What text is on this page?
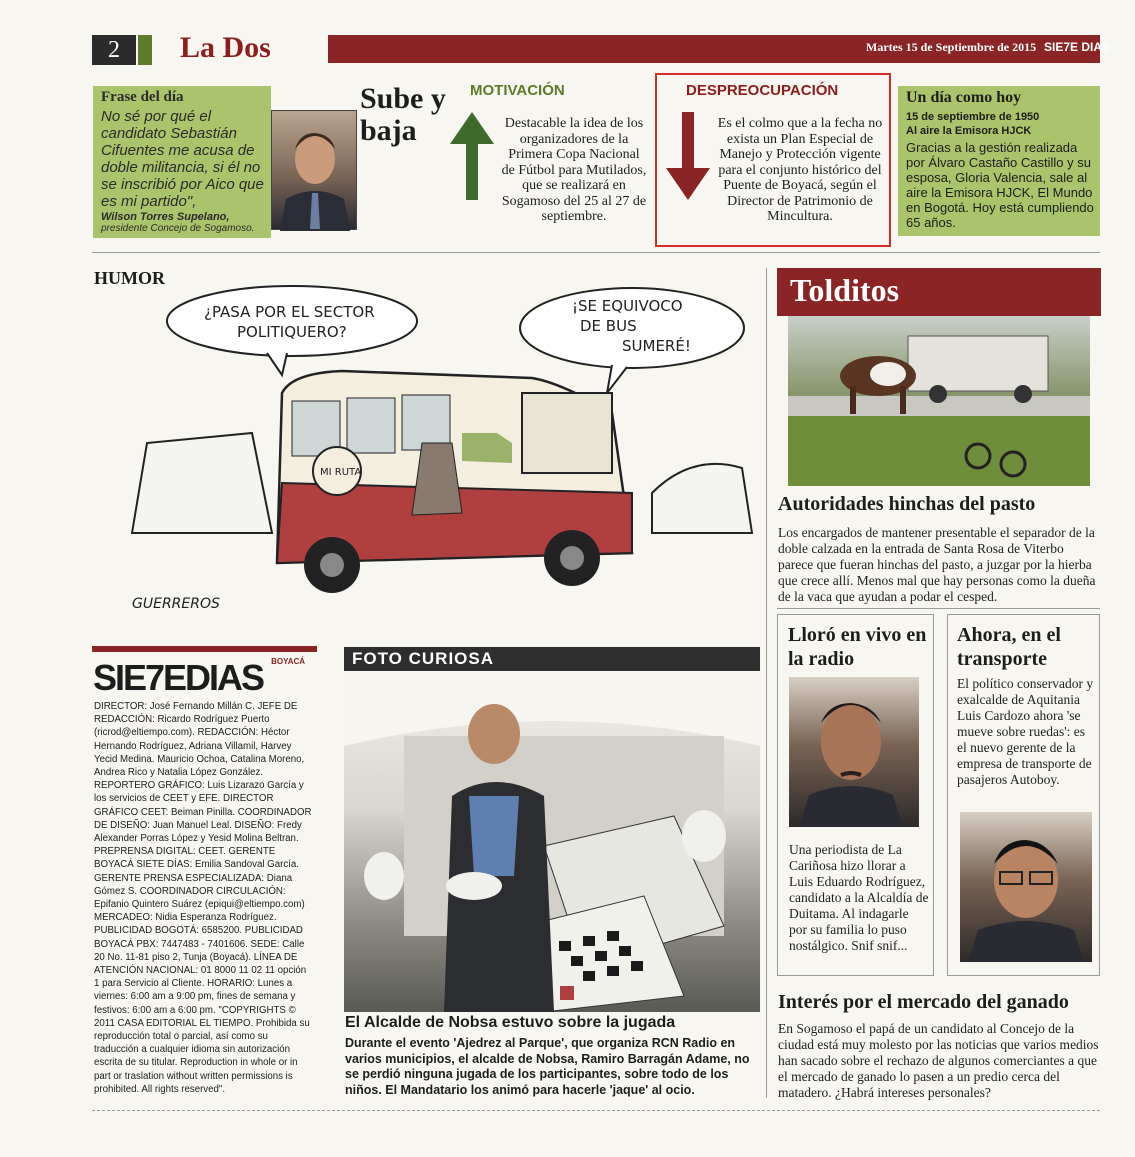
2	La Dos	Martes 15 de Septiembre de 2015 SIE7E DIAS
Frase del día
No sé por qué el candidato Sebastián Cifuentes me acusa de doble militancia, si él no se inscribió por Aico que es mi partido",
Wilson Torres Supelano,
presidente Concejo de Sogamoso.
Sube y baja
MOTIVACIÓN
Destacable la idea de los organizadores de la Primera Copa Nacional de Fútbol para Mutilados, que se realizará en Sogamoso del 25 al 27 de septiembre.
DESPREOCUPACIÓN
Es el colmo que a la fecha no exista un Plan Especial de Manejo y Protección vigente para el conjunto histórico del Puente de Boyacá, según el Director de Patrimonio de Mincultura.
Un día como hoy
15 de septiembre de 1950
Al aire la Emisora HJCK
Gracias a la gestión realizada por Álvaro Castaño Castillo y su esposa, Gloria Valencia, sale al aire la Emisora HJCK, El Mundo en Bogotá. Hoy está cumpliendo 65 años.
HUMOR
¿PASA POR EL SECTOR
POLITIQUERO?
¡SE EQUIVOCO
DE BUS
SUMERÉ!
MI RUTA
GUERREROS
Tolditos
Autoridades hinchas del pasto
Los encargados de mantener presentable el separador de la doble calzada en la entrada de Santa Rosa de Viterbo parece que fueran hinchas del pasto, a juzgar por la hierba que crece allí. Menos mal que hay personas como la dueña de la vaca que ayudan a podar el cesped.
Lloró en vivo en la radio
Una periodista de La Cariñosa hizo llorar a Luis Eduardo Rodríguez, candidato a la Alcaldía de Duitama. Al indagarle por su familia lo puso nostálgico. Snif snif...
Ahora, en el transporte
El político conservador y exalcalde de Aquitania Luis Cardozo ahora 'se mueve sobre ruedas': es el nuevo gerente de la empresa de transporte de pasajeros Autoboy.
Interés por el mercado del ganado
En Sogamoso el papá de un candidato al Concejo de la ciudad está muy molesto por las noticias que varios medios han sacado sobre el rechazo de algunos comerciantes a que el mercado de ganado lo pasen a un predio cerca del matadero. ¿Habrá intereses personales?
SIE7EDIAS $^{BOYACÁ}$
DIRECTOR: José Fernando Millán C. JEFE DE REDACCIÓN: Ricardo Rodríguez Puerto (ricrod@eltiempo.com). REDACCIÓN: Héctor Hernando Rodríguez, Adriana Villamil, Harvey Yecid Medina. Mauricio Ochoa, Catalina Moreno, Andrea Rico y Natalia López González. REPORTERO GRÁFICO: Luis Lizarazo García y los servicios de CEET y EFE. DIRECTOR GRÁFICO CEET: Beiman Pinilla. COORDINADOR DE DISEÑO: Juan Manuel Leal. DISEÑO: Fredy Alexander Porras López y Yesid Molina Beltran. PREPRENSA DIGITAL: CEET. GERENTE BOYACÁ SIETE DÍAS: Emilia Sandoval García. GERENTE PRENSA ESPECIALIZADA: Diana Gómez S. COORDINADOR CIRCULACIÓN: Epifanio Quintero Suárez (epiqui@eltiempo.com) MERCADEO: Nidia Esperanza Rodríguez. PUBLICIDAD BOGOTÁ: 6585200. PUBLICIDAD BOYACÁ PBX: 7447483 - 7401606. SEDE: Calle 20 No. 11-81 piso 2, Tunja (Boyacá). LÍNEA DE ATENCIÓN NACIONAL: 01 8000 11 02 11 opción 1 para Servicio al Cliente. HORARIO: Lunes a viernes: 6:00 am a 9:00 pm, fines de semana y festivos: 6:00 am a 6:00 pm. "COPYRIGHTS © 2011 CASA EDITORIAL EL TIEMPO. Prohibida su reproducción total o parcial, así como su traducción a cualquier idioma sin autorización escrita de su titular. Reproduction in whole or in part or traslation without written permissions is prohibited. All rights reserved".
FOTO CURIOSA
El Alcalde de Nobsa estuvo sobre la jugada
Durante el evento 'Ajedrez al Parque', que organiza RCN Radio en varios municipios, el alcalde de Nobsa, Ramiro Barragán Adame, no se perdió ninguna jugada de los participantes, sobre todo de los niños. El Mandatario los animó para hacerle 'jaque' al ocio.
